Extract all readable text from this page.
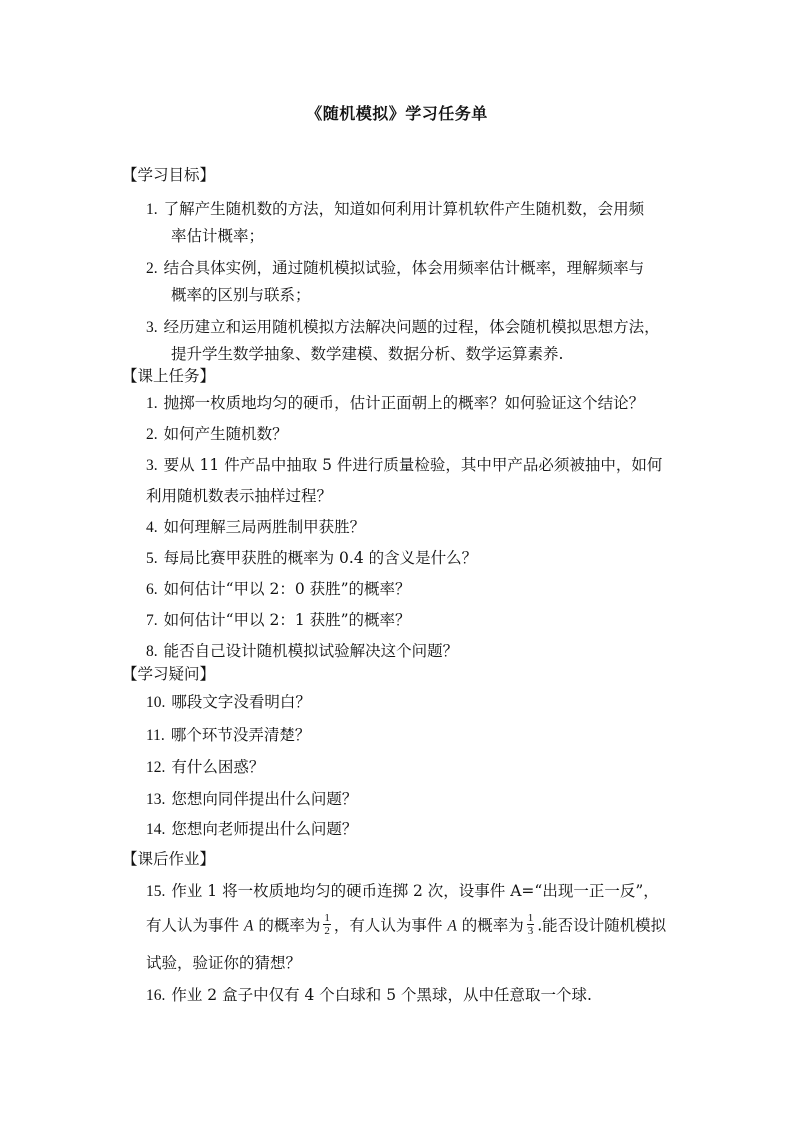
《随机模拟》学习任务单
【学习目标】
1. 了解产生随机数的方法，知道如何利用计算机软件产生随机数，会用频
率估计概率；
2. 结合具体实例，通过随机模拟试验，体会用频率估计概率，理解频率与
概率的区别与联系；
3. 经历建立和运用随机模拟方法解决问题的过程，体会随机模拟思想方法，
提升学生数学抽象、数学建模、数据分析、数学运算素养.
【课上任务】
1. 抛掷一枚质地均匀的硬币，估计正面朝上的概率？如何验证这个结论？
2. 如何产生随机数？
3. 要从 11 件产品中抽取 5 件进行质量检验，其中甲产品必须被抽中，如何
利用随机数表示抽样过程？
4. 如何理解三局两胜制甲获胜？
5. 每局比赛甲获胜的概率为 0.4 的含义是什么？
6. 如何估计“甲以 2：0 获胜”的概率？
7. 如何估计“甲以 2：1 获胜”的概率？
8. 能否自己设计随机模拟试验解决这个问题？
【学习疑问】
10. 哪段文字没看明白？
11. 哪个环节没弄清楚？
12. 有什么困惑？
13. 您想向同伴提出什么问题？
14. 您想向老师提出什么问题？
【课后作业】
15. 作业 1 将一枚质地均匀的硬币连掷 2 次，设事件 A=“出现一正一反”，
有人认为事件 A 的概率为 $\frac{1}{2}$ ，有人认为事件 A 的概率为 $\frac{1}{3}$ .能否设计随机模拟
试验，验证你的猜想？
16. 作业 2 盒子中仅有 4 个白球和 5 个黑球，从中任意取一个球.
